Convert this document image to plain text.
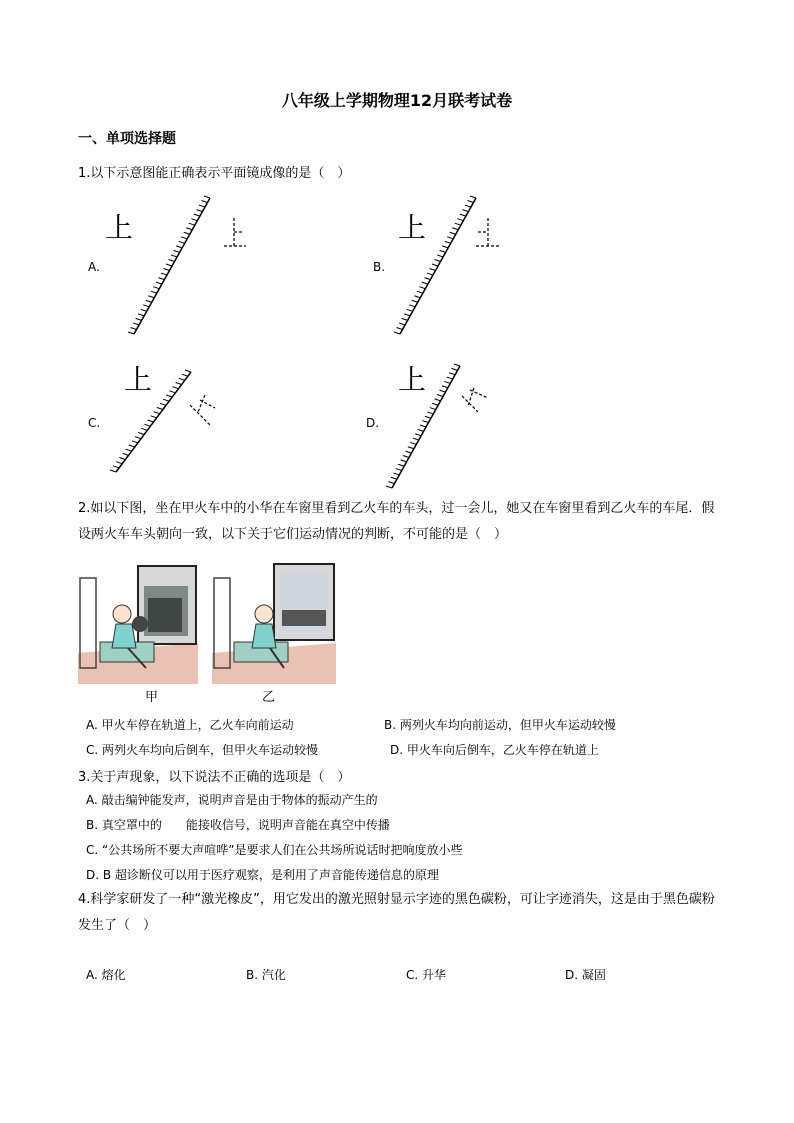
八年级上学期物理12月联考试卷
一、单项选择题
1.以下示意图能正确表示平面镜成像的是（　）
A.	B.
C.	D.
上	上
上	上
2.如以下图，坐在甲火车中的小华在车窗里看到乙火车的车头，过一会儿，她又在车窗里看到乙火车的车尾．假设两火车车头朝向一致，以下关于它们运动情况的判断，不可能的是（　）
甲	乙
A. 甲火车停在轨道上，乙火车向前运动	B. 两列火车均向前运动，但甲火车运动较慢
C. 两列火车均向后倒车，但甲火车运动较慢	D. 甲火车向后倒车，乙火车停在轨道上
3.关于声现象，以下说法不正确的选项是（　）
A. 敲击编钟能发声，说明声音是由于物体的振动产生的
B. 真空罩中的　　能接收信号，说明声音能在真空中传播
C. “公共场所不要大声喧哗”是要求人们在公共场所说话时把响度放小些
D. B 超诊断仪可以用于医疗观察，是利用了声音能传递信息的原理
4.科学家研发了一种“激光橡皮”，用它发出的激光照射显示字迹的黑色碳粉，可让字迹消失，这是由于黑色碳粉发生了（　）
A. 熔化	B. 汽化	C. 升华	D. 凝固
